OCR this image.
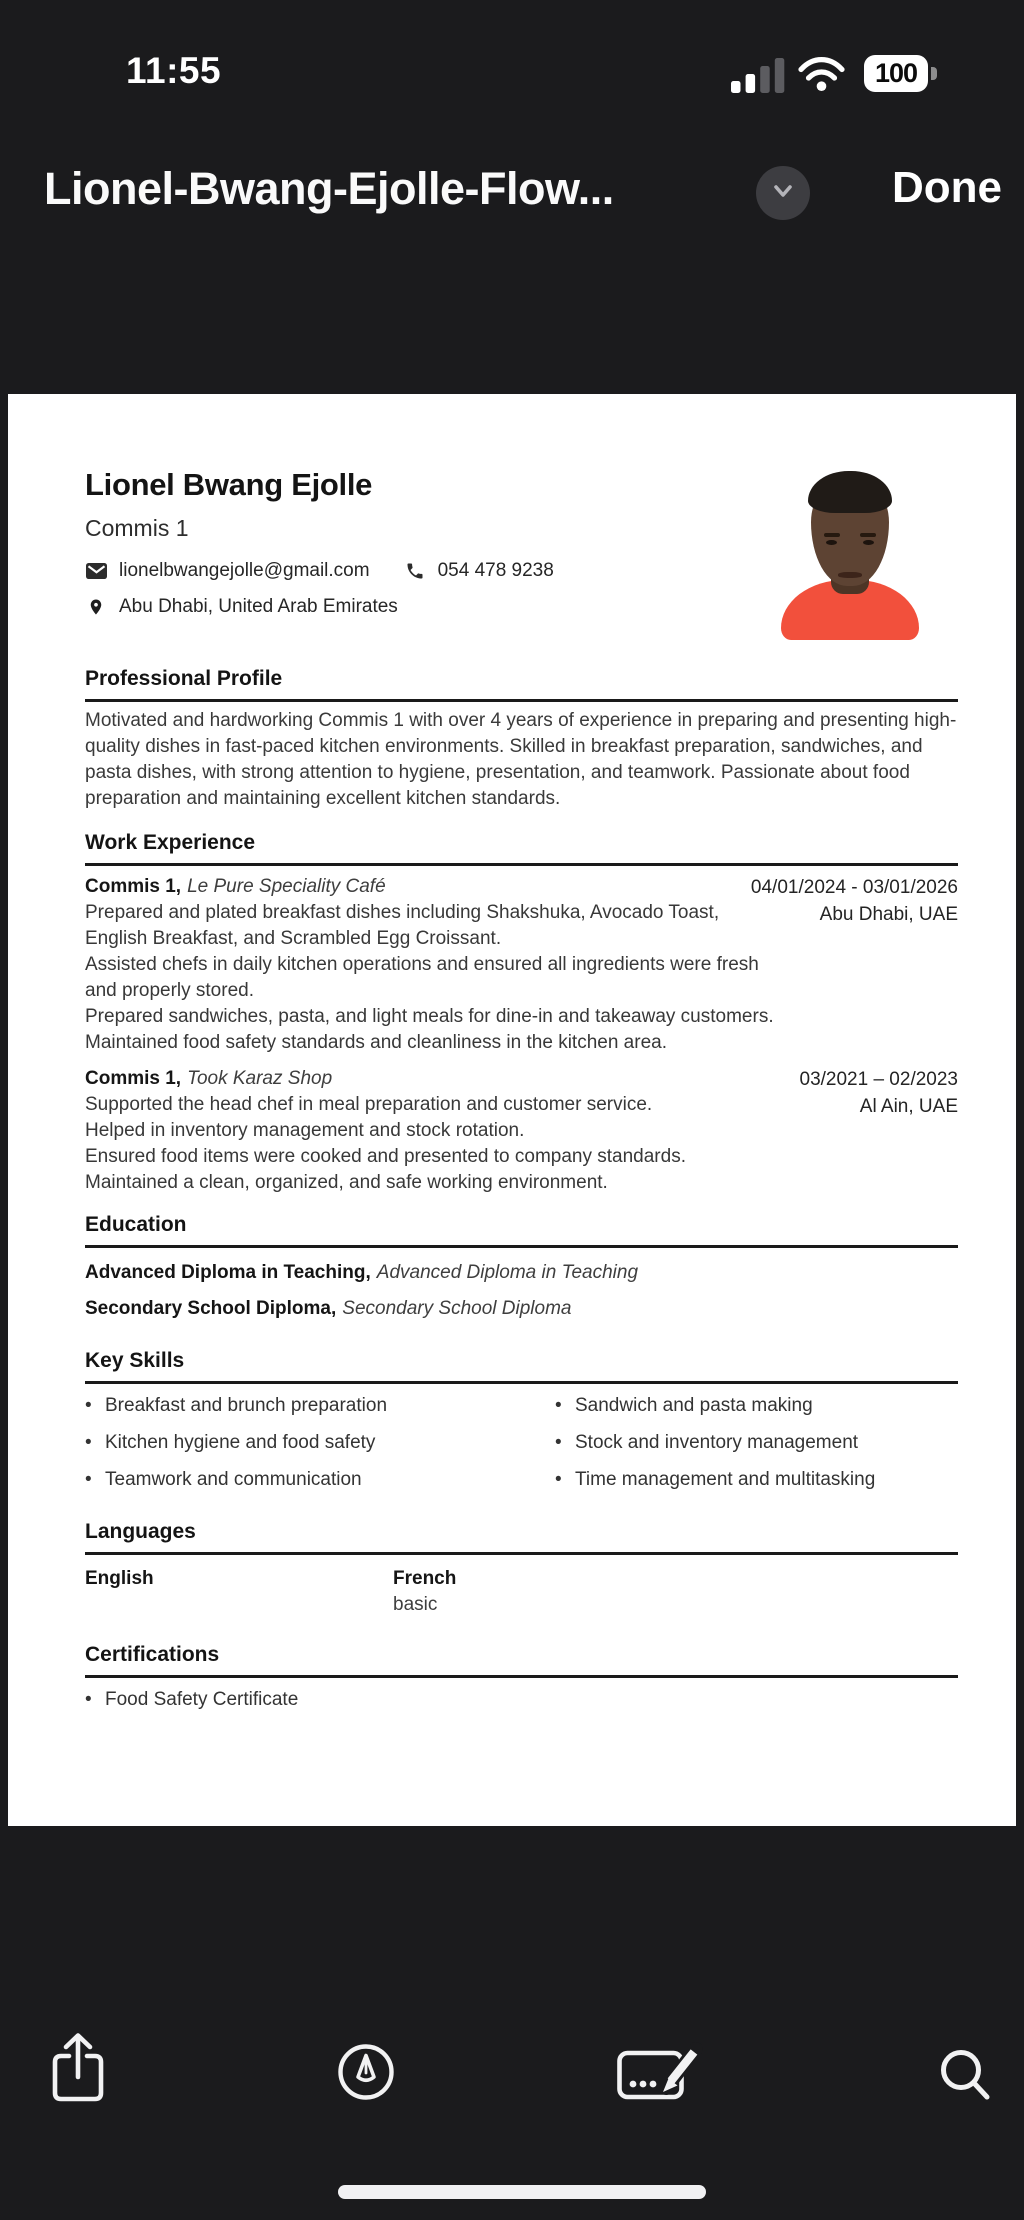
11:55	100
Lionel-Bwang-Ejolle-Flow...	Done
Lionel Bwang Ejolle
Commis 1
lionelbwangejolle@gmail.com	054 478 9238
Abu Dhabi, United Arab Emirates
Professional Profile

Motivated and hardworking Commis 1 with over 4 years of experience in preparing and presenting high-quality dishes in fast-paced kitchen environments. Skilled in breakfast preparation, sandwiches, and pasta dishes, with strong attention to hygiene, presentation, and teamwork. Passionate about food preparation and maintaining excellent kitchen standards.

Work Experience
Commis 1, Le Pure Speciality Café	04/01/2024 - 03/01/2026
Abu Dhabi, UAE
Prepared and plated breakfast dishes including Shakshuka, Avocado Toast, English Breakfast, and Scrambled Egg Croissant.
Assisted chefs in daily kitchen operations and ensured all ingredients were fresh and properly stored.
Prepared sandwiches, pasta, and light meals for dine-in and takeaway customers.
Maintained food safety standards and cleanliness in the kitchen area.
Commis 1, Took Karaz Shop	03/2021 – 02/2023
Al Ain, UAE
Supported the head chef in meal preparation and customer service.
Helped in inventory management and stock rotation.
Ensured food items were cooked and presented to company standards.
Maintained a clean, organized, and safe working environment.
Education
Advanced Diploma in Teaching, Advanced Diploma in Teaching
Secondary School Diploma, Secondary School Diploma
Key Skills
•
Breakfast and brunch preparation •	Sandwich and pasta making
•
Kitchen hygiene and food safety •	Stock and inventory management
•
Teamwork and communication •	Time management and multitasking
Languages
English	French
basic
Certifications
•
Food Safety Certificate
